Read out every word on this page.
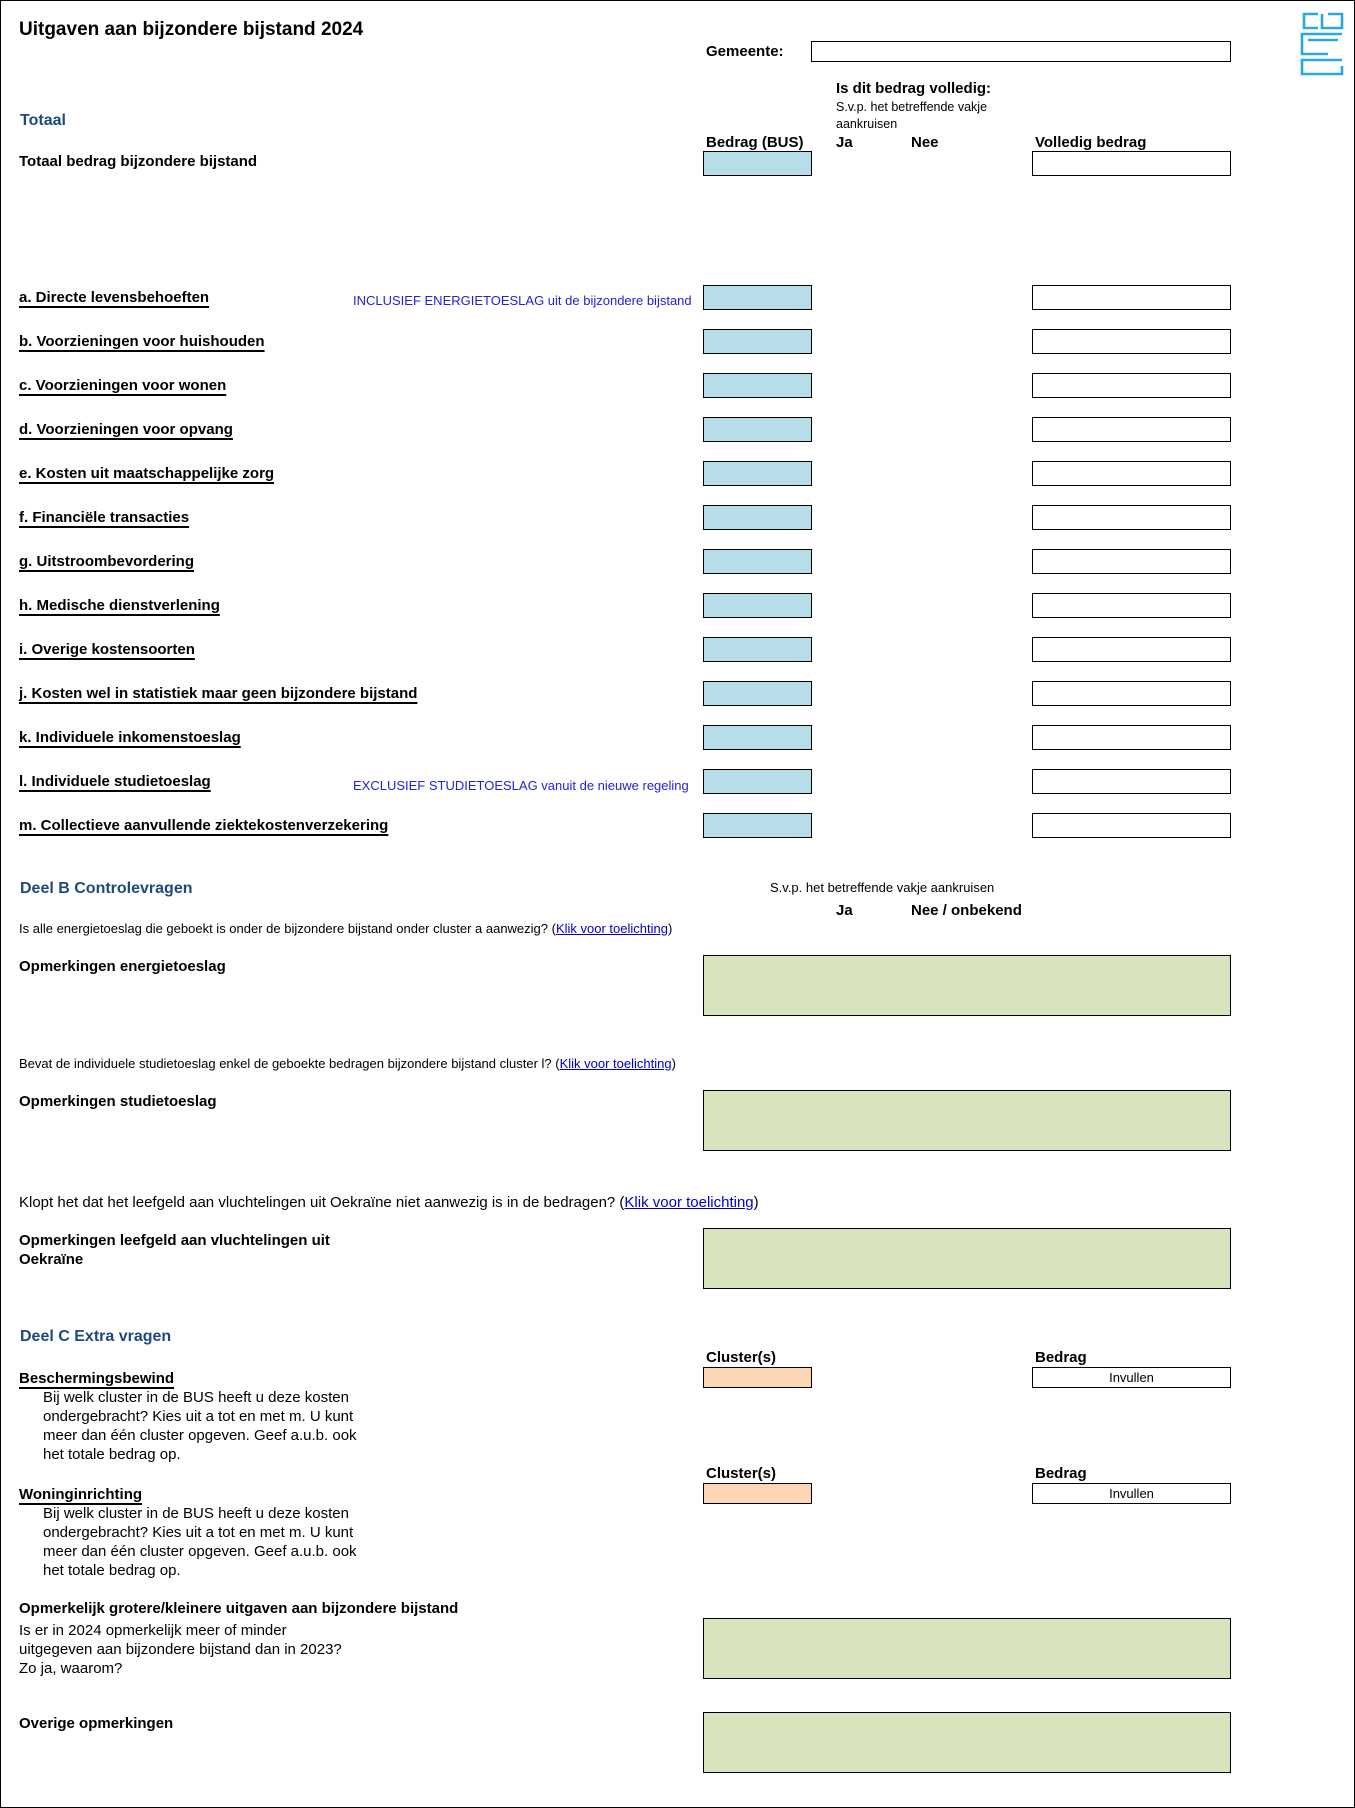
Uitgaven aan bijzondere bijstand 2024
Gemeente:
Totaal
Is dit bedrag volledig:
S.v.p. het betreffende vakje aankruisen
Bedrag (BUS) Ja	Nee	Volledig bedrag
Totaal bedrag bijzondere bijstand
a. Directe levensbehoeften	INCLUSIEF ENERGIETOESLAG uit de bijzondere bijstand
b. Voorzieningen voor huishouden
c. Voorzieningen voor wonen
d. Voorzieningen voor opvang
e. Kosten uit maatschappelijke zorg
f. Financiële transacties
g. Uitstroombevordering
h. Medische dienstverlening
i. Overige kostensoorten
j. Kosten wel in statistiek maar geen bijzondere bijstand
k. Individuele inkomenstoeslag
l. Individuele studietoeslag	EXCLUSIEF STUDIETOESLAG vanuit de nieuwe regeling
m. Collectieve aanvullende ziektekostenverzekering
Deel B Controlevragen	S.v.p. het betreffende vakje aankruisen
Ja	Nee / onbekend
Is alle energietoeslag die geboekt is onder de bijzondere bijstand onder cluster a aanwezig? (Klik voor toelichting)
Opmerkingen energietoeslag
Bevat de individuele studietoeslag enkel de geboekte bedragen bijzondere bijstand cluster l? (Klik voor toelichting)
Opmerkingen studietoeslag
Klopt het dat het leefgeld aan vluchtelingen uit Oekraïne niet aanwezig is in de bedragen? (Klik voor toelichting)
Opmerkingen leefgeld aan vluchtelingen uit
Oekraïne
Deel C Extra vragen
Cluster(s)	Bedrag
Beschermingsbewind	Invullen
Bij welk cluster in de BUS heeft u deze kosten
ondergebracht? Kies uit a tot en met m. U kunt
meer dan één cluster opgeven. Geef a.u.b. ook
het totale bedrag op.
Cluster(s)	Bedrag
Woninginrichting	Invullen
Bij welk cluster in de BUS heeft u deze kosten
ondergebracht? Kies uit a tot en met m. U kunt
meer dan één cluster opgeven. Geef a.u.b. ook
het totale bedrag op.
Opmerkelijk grotere/kleinere uitgaven aan bijzondere bijstand
Is er in 2024 opmerkelijk meer of minder
uitgegeven aan bijzondere bijstand dan in 2023?
Zo ja, waarom?
Overige opmerkingen
